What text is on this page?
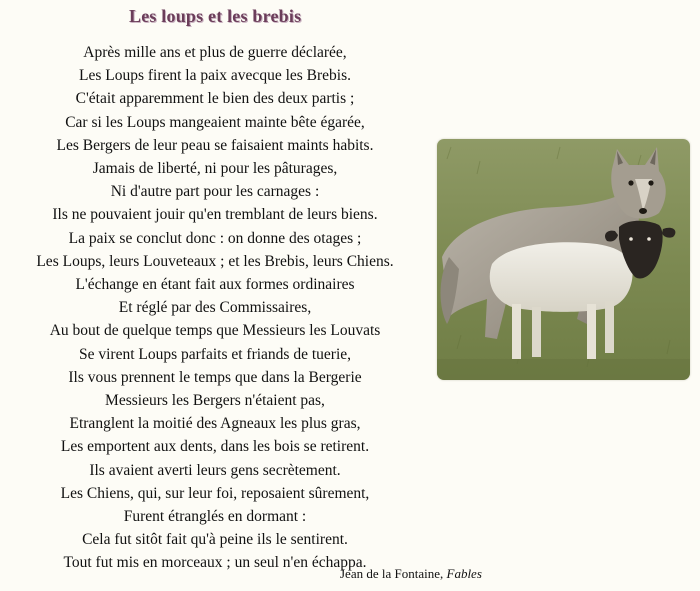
Les loups et les brebis
Après mille ans et plus de guerre déclarée,
Les Loups firent la paix avecque les Brebis.
C'était apparemment le bien des deux partis ;
Car si les Loups mangeaient mainte bête égarée,
Les Bergers de leur peau se faisaient maints habits.
Jamais de liberté, ni pour les pâturages,
Ni d'autre part pour les carnages :
Ils ne pouvaient jouir qu'en tremblant de leurs biens.
La paix se conclut donc : on donne des otages ;
Les Loups, leurs Louveteaux ; et les Brebis, leurs Chiens.
L'échange en étant fait aux formes ordinaires
Et réglé par des Commissaires,
Au bout de quelque temps que Messieurs les Louvats
Se virent Loups parfaits et friands de tuerie,
Ils vous prennent le temps que dans la Bergerie
Messieurs les Bergers n'étaient pas,
Etranglent la moitié des Agneaux les plus gras,
Les emportent aux dents, dans les bois se retirent.
Ils avaient averti leurs gens secrètement.
Les Chiens, qui, sur leur foi, reposaient sûrement,
Furent étranglés en dormant :
Cela fut sitôt fait qu'à peine ils le sentirent.
Tout fut mis en morceaux ; un seul n'en échappa.
Jean de la Fontaine, Fables
